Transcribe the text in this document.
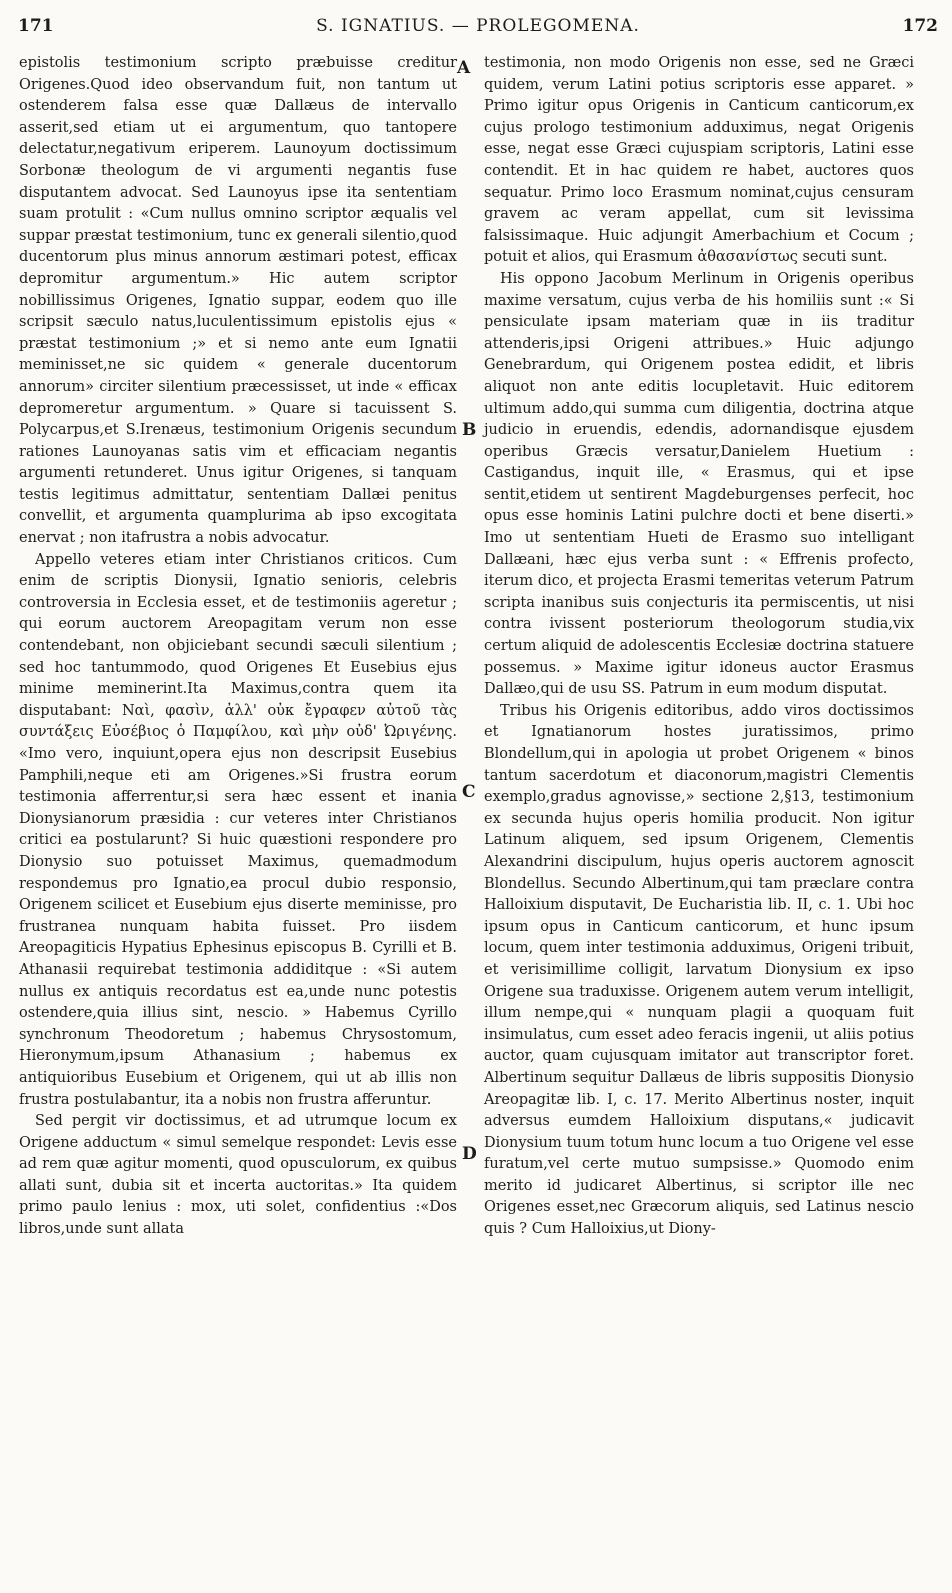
171	S. IGNATIUS. — PROLEGOMENA.	172

epistolis testimonium scripto præbuisse creditur Origenes.Quod ideo observandum fuit, non tantum ut ostenderem falsa esse quæ Dallæus de intervallo asserit,sed etiam ut ei argumentum, quo tantopere delectatur,negativum eriperem. Launoyum doctissimum Sorbonæ theologum de vi argumenti negantis fuse disputantem advocat. Sed Launoyus ipse ita sententiam suam protulit : «Cum nullus omnino scriptor æqualis vel suppar præstat testimonium, tunc ex generali silentio,quod ducentorum plus minus annorum æstimari potest, efficax depromitur argumentum.» Hic autem scriptor nobillissimus Origenes, Ignatio suppar, eodem quo ille scripsit sæculo natus,luculentissimum epistolis ejus « præstat testimonium ;» et si nemo ante eum Ignatii meminisset,ne sic quidem « generale ducentorum annorum» circiter silentium præcessisset, ut inde « efficax depromeretur argumentum. » Quare si tacuissent S. Polycarpus,et S.Irenæus, testimonium Origenis secundum rationes Launoyanas satis vim et efficaciam negantis argumenti retunderet. Unus igitur Origenes, si tanquam testis legitimus admittatur, sententiam Dallæi penitus convellit, et argumenta quamplurima ab ipso excogitata enervat ; non itafrustra a nobis advocatur.

Appello veteres etiam inter Christianos criticos. Cum enim de scriptis Dionysii, Ignatio senioris, celebris controversia in Ecclesia esset, et de testimoniis ageretur ; qui eorum auctorem Areopagitam verum non esse contendebant, non objiciebant secundi sæculi silentium ; sed hoc tantummodo, quod Origenes Et Eusebius ejus minime meminerint.Ita Maximus,contra quem ita disputabant: Ναὶ, φασὶν, ἀλλ' οὐκ ἔγραφεν αὐτοῦ τὰς συντάξεις Εὐσέβιος ὁ Παμφίλου, καὶ μὴν οὐδ' Ὠριγένης. «Imo vero, inquiunt,opera ejus non descripsit Eusebius Pamphili,neque eti am Origenes.»Si frustra eorum testimonia afferrentur,si sera hæc essent et inania Dionysianorum præsidia : cur veteres inter Christianos critici ea postularunt? Si huic quæstioni respondere pro Dionysio suo potuisset Maximus, quemadmodum respondemus pro Ignatio,ea procul dubio responsio, Origenem scilicet et Eusebium ejus diserte meminisse, pro frustranea nunquam habita fuisset. Pro iisdem Areopagiticis Hypatius Ephesinus episcopus B. Cyrilli et B. Athanasii requirebat testimonia addiditque : «Si autem nullus ex antiquis recordatus est ea,unde nunc potestis ostendere,quia illius sint, nescio. » Habemus Cyrillo synchronum Theodoretum ; habemus Chrysostomum, Hieronymum,ipsum Athanasium ; habemus ex antiquioribus Eusebium et Origenem, qui ut ab illis non frustra postulabantur, ita a nobis non frustra afferuntur.

Sed pergit vir doctissimus, et ad utrumque locum ex Origene adductum « simul semelque respondet: Levis esse ad rem quæ agitur momenti, quod opusculorum, ex quibus allati sunt, dubia sit et incerta auctoritas.» Ita quidem primo paulo lenius : mox, uti solet, confidentius :«Dos libros,unde sunt allata

A
B
C
D

testimonia, non modo Origenis non esse, sed ne Græci quidem, verum Latini potius scriptoris esse apparet. » Primo igitur opus Origenis in Canticum canticorum,ex cujus prologo testimonium adduximus, negat Origenis esse, negat esse Græci cujuspiam scriptoris, Latini esse contendit. Et in hac quidem re habet, auctores quos sequatur. Primo loco Erasmum nominat,cujus censuram gravem ac veram appellat, cum sit levissima falsissimaque. Huic adjungit Amerbachium et Cocum ; potuit et alios, qui Erasmum ἀθασανίστως secuti sunt.

His oppono Jacobum Merlinum in Origenis operibus maxime versatum, cujus verba de his homiliis sunt :« Si pensiculate ipsam materiam quæ in iis traditur attenderis,ipsi Origeni attribues.» Huic adjungo Genebrardum, qui Origenem postea edidit, et libris aliquot non ante editis locupletavit. Huic editorem ultimum addo,qui summa cum diligentia, doctrina atque judicio in eruendis, edendis, adornandisque ejusdem operibus Græcis versatur,Danielem Huetium : Castigandus, inquit ille, « Erasmus, qui et ipse sentit,etidem ut sentirent Magdeburgenses perfecit, hoc opus esse hominis Latini pulchre docti et bene diserti.» Imo ut sententiam Hueti de Erasmo suo intelligant Dallæani, hæc ejus verba sunt : « Effrenis profecto, iterum dico, et projecta Erasmi temeritas veterum Patrum scripta inanibus suis conjecturis ita permiscentis, ut nisi contra ivissent posteriorum theologorum studia,vix certum aliquid de adolescentis Ecclesiæ doctrina statuere possemus. » Maxime igitur idoneus auctor Erasmus Dallæo,qui de usu SS. Patrum in eum modum disputat.

Tribus his Origenis editoribus, addo viros doctissimos et Ignatianorum hostes juratissimos, primo Blondellum,qui in apologia ut probet Origenem « binos tantum sacerdotum et diaconorum,magistri Clementis exemplo,gradus agnovisse,» sectione 2,§13, testimonium ex secunda hujus operis homilia producit. Non igitur Latinum aliquem, sed ipsum Origenem, Clementis Alexandrini discipulum, hujus operis auctorem agnoscit Blondellus. Secundo Albertinum,qui tam præclare contra Halloixium disputavit, De Eucharistia lib. II, c. 1. Ubi hoc ipsum opus in Canticum canticorum, et hunc ipsum locum, quem inter testimonia adduximus, Origeni tribuit, et verisimillime colligit, larvatum Dionysium ex ipso Origene sua traduxisse. Origenem autem verum intelligit, illum nempe,qui « nunquam plagii a quoquam fuit insimulatus, cum esset adeo feracis ingenii, ut aliis potius auctor, quam cujusquam imitator aut transcriptor foret. Albertinum sequitur Dallæus de libris suppositis Dionysio Areopagitæ lib. I, c. 17. Merito Albertinus noster, inquit adversus eumdem Halloixium disputans,« judicavit Dionysium tuum totum hunc locum a tuo Origene vel esse furatum,vel certe mutuo sumpsisse.» Quomodo enim merito id judicaret Albertinus, si scriptor ille nec Origenes esset,nec Græcorum aliquis, sed Latinus nescio quis ? Cum Halloixius,ut Diony-
